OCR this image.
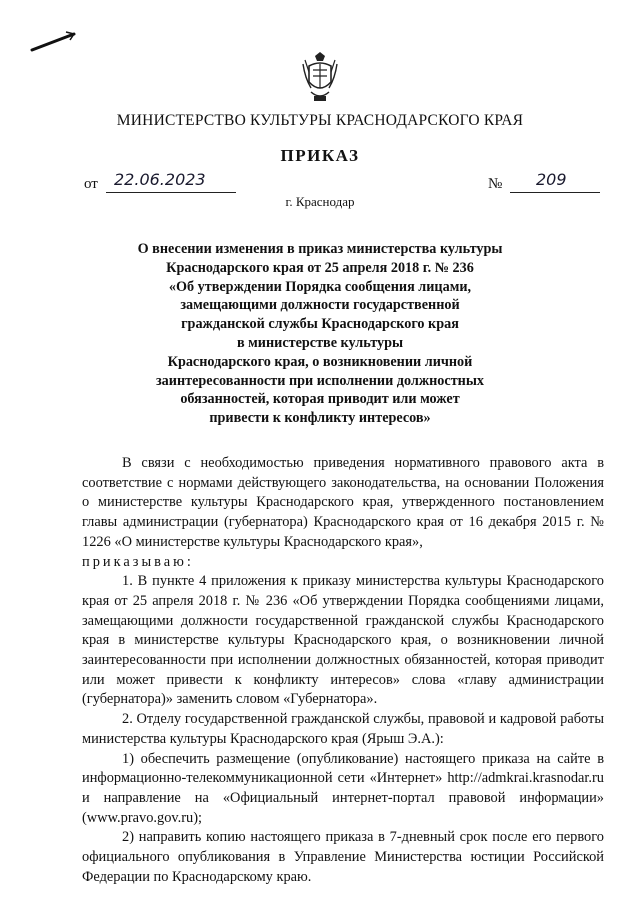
МИНИСТЕРСТВО КУЛЬТУРЫ КРАСНОДАРСКОГО КРАЯ
ПРИКАЗ
от 22.06.2023	№ 209
г. Краснодар
О внесении изменения в приказ министерства культуры
Краснодарского края от 25 апреля 2018 г. № 236
«Об утверждении Порядка сообщения лицами,
замещающими должности государственной
гражданской службы Краснодарского края
в министерстве культуры
Краснодарского края, о возникновении личной
заинтересованности при исполнении должностных
обязанностей, которая приводит или может
привести к конфликту интересов»

В связи с необходимостью приведения нормативного правового акта в соответствие с нормами действующего законодательства, на основании Положения о министерстве культуры Краснодарского края, утвержденного постановлением главы администрации (губернатора) Краснодарского края от 16 декабря 2015 г. № 1226 «О министерстве культуры Краснодарского края»,

приказываю:

1. В пункте 4 приложения к приказу министерства культуры Краснодарского края от 25 апреля 2018 г. № 236 «Об утверждении Порядка сообщениями лицами, замещающими должности государственной гражданской службы Краснодарского края в министерстве культуры Краснодарского края, о возникновении личной заинтересованности при исполнении должностных обязанностей, которая приводит или может привести к конфликту интересов» слова «главу администрации (губернатора)» заменить словом «Губернатора».

2. Отделу государственной гражданской службы, правовой и кадровой работы министерства культуры Краснодарского края (Ярыш Э.А.):

1) обеспечить размещение (опубликование) настоящего приказа на сайте в информационно-телекоммуникационной сети «Интернет» http://admkrai.krasnodar.ru и направление на «Официальный интернет-портал правовой информации» (www.pravo.gov.ru);

2) направить копию настоящего приказа в 7-дневный срок после его первого официального опубликования в Управление Министерства юстиции Российской Федерации по Краснодарскому краю.
